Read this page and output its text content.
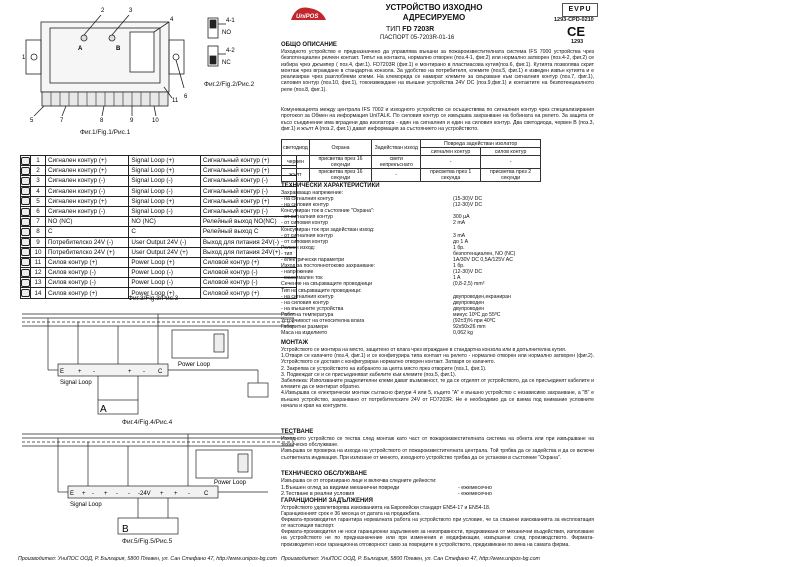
2	3
1
4
5
6
7	8	9	10
11
A	B
Фиг.1/Fig.1/Рис.1
4-1
NO
4-2
NC
Фиг.2/Fig.2/Рис.2
	1	Сигнален контур (+)	Signal Loop (+)	Сигнальный контур (+)
	2	Сигнален контур (+)	Signal Loop (+)	Сигнальный контур (+)
	3	Сигнален контур (-)	Signal Loop (-)	Сигнальный контур (-)
	4	Сигнален контур (-)	Signal Loop (-)	Сигнальный контур (-)
	5	Сигнален контур (+)	Signal Loop (+)	Сигнальный контур (+)
	6	Сигнален контур (-)	Signal Loop (-)	Сигнальный контур (-)
	7	NO (NC)	NO (NC)	Релейный выход NO(NC)
	8	C	C	Релейный выход C
	9	Потребителско 24V (-)	User Output 24V (-)	Выход для питания 24V(-)
	10	Потребителско 24V (+)	User Output 24V (+)	Выход для питания 24V(+)
	11	Силов контур (+)	Power Loop (+)	Силовой контур (+)
	12	Силов контур (-)	Power Loop (-)	Силовой контур (-)
	13	Силов контур (-)	Power Loop (-)	Силовой контур (-)
	14	Силов контур (+)	Power Loop (+)	Силовой контур (+)
Фиг.3/Fig.3/Рис.3
E + -	+ - C
Signal Loop
Power Loop
A
Фиг.4/Fig.4/Рис.4
E + - + - - -24V + + - C
Signal Loop
Power Loop
B
Фиг.5/Fig.5/Рис.5
Производител: УниПОС ООД, Р. България, 5800 Плевен, ул. Сан Стефано 47, http://www.unipos-bg.com
UniPOS
УСТРОЙСТВО ИЗХОДНО
АДРЕСИРУЕМО
ТИП FD 7203R
ПАСПОРТ 05-7203R-01-16
EVPU
1293-CPD-0210
CE
1293
ОБЩО ОПИСАНИЕ
Изходното устройство е предназначено да управлява външни за пожароизвестителната система IFS 7000 устройства чрез безпотенциален релеен контакт. Типът на контакта, нормално отворен (поз.4-1, фиг.2) или нормално затворен (поз.4-2, фиг.2) се избира чрез джъмпер ( поз.4, фиг.1). FD7203R (фиг.1) е монтирано в пластмасова кутия(поз.6, фиг.1). Кутията позволява скрит монтаж чрез вграждане в стандартна конзола. За удобство на потребителя, клемите (поз.5, фиг.1) е изведен извън кутията и е реализиран чрез разглобяеми клеми. На клемореда се намират клемите за свързване към сигналния контур (поз.7, фиг.1), силовия контур (поз.10, фиг.1), токоизвеждане на външни устройства 24V DC (поз.9,фиг.1) и контактите на безпотенциалното реле (поз.8, фиг.1).
Комуникацията между централа IFS 7002 и изходното устройство се осъществява по сигналния контур чрез специализирания протокол за Обмен на информация UniTALK. По силовия контур се извършва захранване на бобината на релето. За защита от късо съединение има вградени два изолатора - един на сигналния и един на силовия контур. Два светодиода, червен B (поз.3, фиг.1) и жълт A (поз.2, фиг.1) дават информация за състоянието на устройството.
светодиод	Охрана	Задействан изход	Повреда задействан изолатор	
			сигнален контур	силов контур
червен	присветва през 16 секунди	свети непрекъснато	-	-
жълт	присветва през 16 секунди	-	присветва през 1 секунда	присветва през 2 секунди
ТЕХНИЧЕСКИ ХАРАКТЕРИСТИКИ
Захранващо напрежение:
- на сигналния контур	(15-30)V DC
- на силовия контур	(12-30)V DC
Консумиран ток в състояние "Охрана":
- от сигналния контур	300 µA
- от силовия контур	2 mA
Консумиран ток при задействан изход:
- от сигналния контур	3 mA
- от силовия контур	до 1 A
Релеен изход:	1 бр.
- тип	безпотенциален, NO (NC)
- електрически параметри	1A/30V DC 0,5A/125V AC
Изход за постояннотоково захранване:	1 бр.
- напрежение	(12-30)V DC
- максимален ток	1 A
Сечение на свързващите проводници	(0,8-2,5) mm²
Тип на свързващите проводници:
- на сигналния контур	двупроводен,екраниран
- на силовия контур	двупроводен
- на външните устройства	двупроводен
Работна температура	минус 10ºC до 55ºC
Устойчивост на относителна влага	(92±3)% при 40ºC
Габаритни размери	92х50х26 mm
Маса на изделието	0,062 kg
МОНТАЖ
Устройството се монтира на място, защитено от влага чрез вграждане в стандартна конзола или в допълнителна кутия.
1.Отваря се капачето (поз.4, фиг.1) и се конфигурира типа контакт на релето - нормално отворен или нормално затворен (фиг.2). Устройството се доставя с конфигуриран нормално отворен контакт. Затваря се капачето.
2. Закрепва се устройството на избраното за целта място през отворите (поз.1, фиг.1).
3. Подвеждат се и се присъединяват кабелите към клемите (поз.5, фиг.1).
Забележка: Използваните разделителни клеми дават възможност, те да се отделят от устройството, да се присъединят кабелите и клемите да се монтират обратно.
4.Извършва се електрически монтаж съгласно фигури 4 или 5, където "A" е външно устройство с независимо захранване, а "B" е външно устройство, захранвано от потребителските 24V от FD7203R. Не е необходимо да се взема под внимание условните начала и края на контурите.
ТЕСТВАНЕ
Изходното устройство се тества след монтаж като част от пожароизвестителната система на обекта или при извършване на техническо обслужване.
Извършва се проверка на изхода на устройството от пожароизвестителната централа. Той трябва да се задейства и да се включи съответната индикация. При излизане от менюто, изходното устройство трябва да се установи в състояние "Охрана".
ТЕХНИЧЕСКО ОБСЛУЖВАНЕ
Извършва се от оторизирано лице и включва следните дейности:
1.Външен оглед за видими механични повреди	- ежемесечно
2.Тестване в реални условия	- ежемесечно
ГАРАНЦИОННИ ЗАДЪЛЖЕНИЯ
Устройството удовлетворява изискванията на Европейски стандарт EN54-17 и EN54-18.
Гаранционният срок е 36 месеца от датата на продажбата.
Фирмата-производител гарантира нормалната работа на устройството при условие, че са спазени изискванията за експлоатация от настоящия паспорт.
Фирмата-производител не носи гаранционни задължения за неизправности, предизвикани от механични въздействия, използване на устройството не по предназначение или при изменения и модификации, извършени след производството. Фирмата-производител носи гаранционна отговорност само за повредите в устройството, предизвикани по вина на самата фирма.
Производител: УниПОС ООД, Р. България, 5800 Плевен, ул. Сан Стефано 47, http://www.unipos-bg.com
